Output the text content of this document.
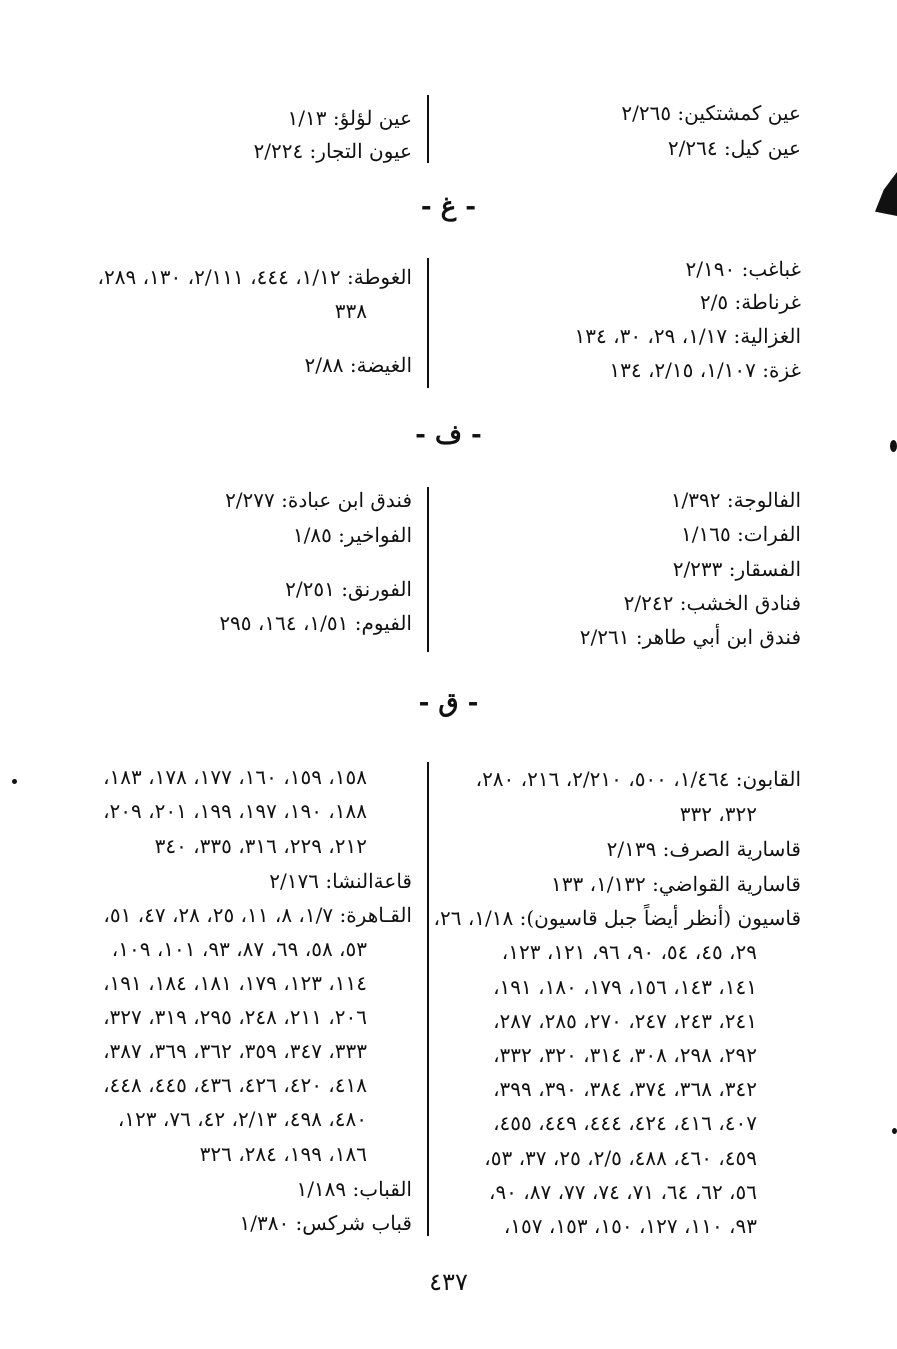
عين كمشتكين: ٢/٢٦٥
عين كيل: ٢/٢٦٤
عين لؤلؤ: ١/١٣
عيون التجار: ٢/٢٢٤
- غ -
غباغب: ٢/١٩٠
غرناطة: ٢/٥
الغزالية: ١/١٧، ٢٩، ٣٠، ١٣٤
غزة: ١/١٠٧، ٢/١٥، ١٣٤
الغوطة: ١/١٢، ٤٤٤، ٢/١١١، ١٣٠، ٢٨٩،
٣٣٨
الغيضة: ٢/٨٨
- ف -
الفالوجة: ١/٣٩٢
الفرات: ١/١٦٥
الفسقار: ٢/٢٣٣
فنادق الخشب: ٢/٢٤٢
فندق ابن أبي طاهر: ٢/٢٦١
فندق ابن عبادة: ٢/٢٧٧
الفواخير: ١/٨٥
الفورنق: ٢/٢٥١
الفيوم: ١/٥١، ١٦٤، ٢٩٥
- ق -
القابون: ١/٤٦٤، ٥٠٠، ٢/٢١٠، ٢١٦، ٢٨٠،
٣٢٢، ٣٣٢
قاسارية الصرف: ٢/١٣٩
قاسارية القواضي: ١/١٣٢، ١٣٣
قاسيون (أنظر أيضاً جبل قاسيون): ١/١٨، ٢٦،
٢٩، ٤٥، ٥٤، ٩٠، ٩٦، ١٢١، ١٢٣،
١٤١، ١٤٣، ١٥٦، ١٧٩، ١٨٠، ١٩١،
٢٤١، ٢٤٣، ٢٤٧، ٢٧٠، ٢٨٥، ٢٨٧،
٢٩٢، ٢٩٨، ٣٠٨، ٣١٤، ٣٢٠، ٣٣٢،
٣٤٢، ٣٦٨، ٣٧٤، ٣٨٤، ٣٩٠، ٣٩٩،
٤٠٧، ٤١٦، ٤٢٤، ٤٤٤، ٤٤٩، ٤٥٥،
٤٥٩، ٤٦٠، ٤٨٨، ٢/٥، ٢٥، ٣٧، ٥٣،
٥٦، ٦٢، ٦٤، ٧١، ٧٤، ٧٧، ٨٧، ٩٠،
٩٣، ١١٠، ١٢٧، ١٥٠، ١٥٣، ١٥٧،
١٥٨، ١٥٩، ١٦٠، ١٧٧، ١٧٨، ١٨٣،
١٨٨، ١٩٠، ١٩٧، ١٩٩، ٢٠١، ٢٠٩،
٢١٢، ٢٢٩، ٣١٦، ٣٣٥، ٣٤٠
قاعةالنشا: ٢/١٧٦
القـاهرة: ١/٧، ٨، ١١، ٢٥، ٢٨، ٤٧، ٥١،
٥٣، ٥٨، ٦٩، ٨٧، ٩٣، ١٠١، ١٠٩،
١١٤، ١٢٣، ١٧٩، ١٨١، ١٨٤، ١٩١،
٢٠٦، ٢١١، ٢٤٨، ٢٩٥، ٣١٩، ٣٢٧،
٣٣٣، ٣٤٧، ٣٥٩، ٣٦٢، ٣٦٩، ٣٨٧،
٤١٨، ٤٢٠، ٤٢٦، ٤٣٦، ٤٤٥، ٤٤٨،
٤٨٠، ٤٩٨، ٢/١٣، ٤٢، ٧٦، ١٢٣،
١٨٦، ١٩٩، ٢٨٤، ٣٢٦
القباب: ١/١٨٩
قباب شركس: ١/٣٨٠
٤٣٧
